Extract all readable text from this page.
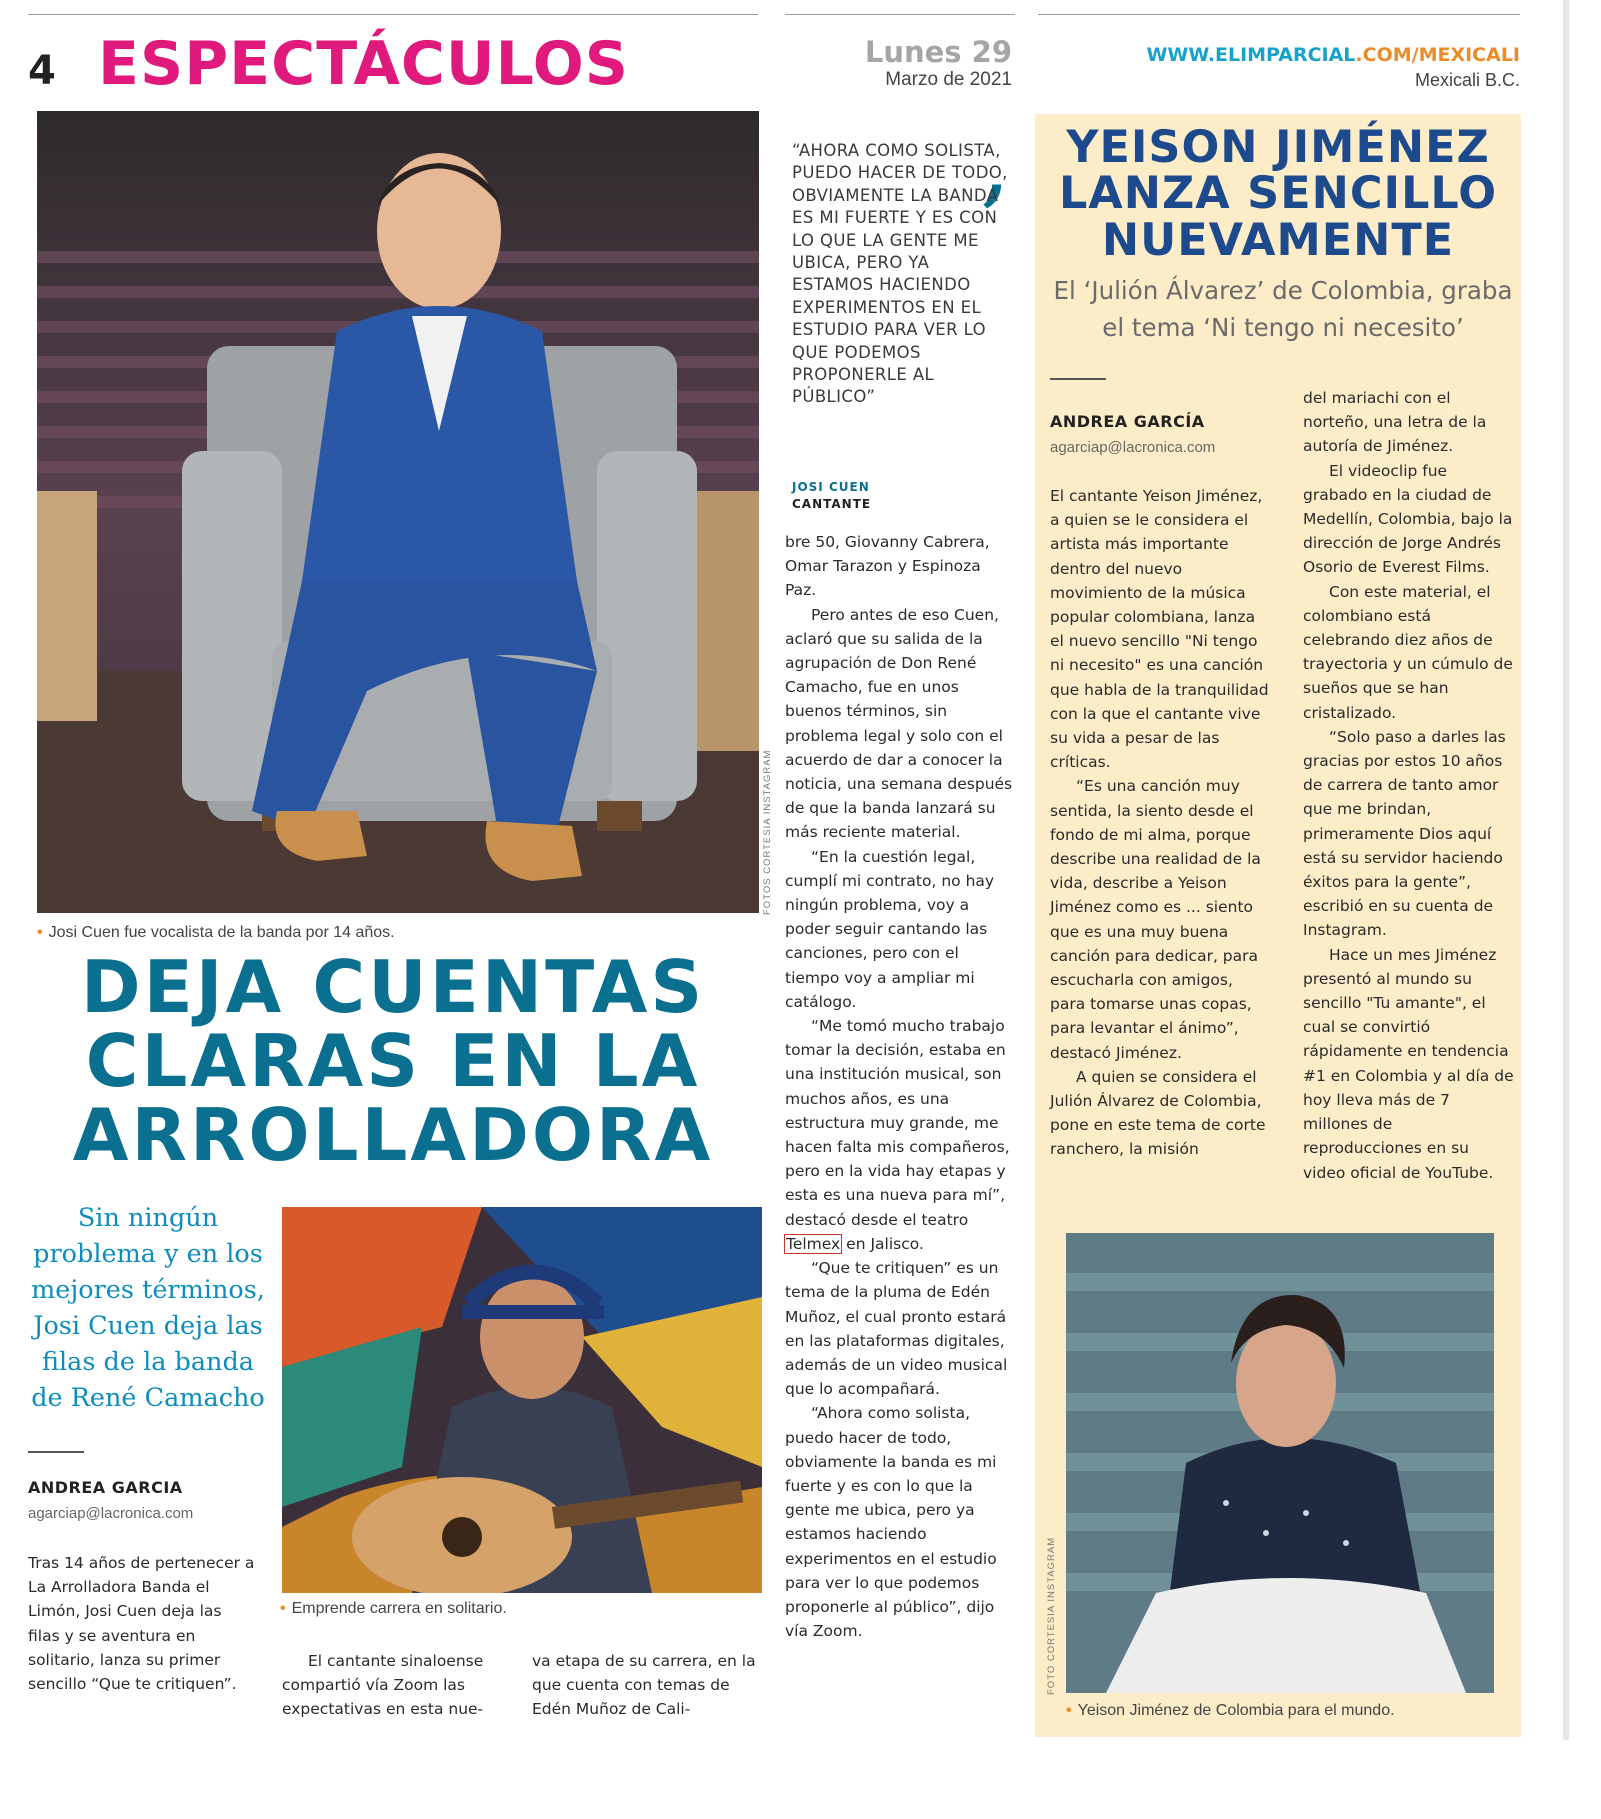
4 ESPECTÁCULOS	Lunes 29
Marzo de 2021
WWW.ELIMPARCIAL.COM/MEXICALI
Mexicali B.C.
FOTOS CORTESIA INSTAGRAM
• Josi Cuen fue vocalista de la banda por 14 años.
DEJA CUENTAS CLARAS EN LA ARROLLADORA
Sin ningún problema y en los mejores términos, Josi Cuen deja las filas de la banda de René Camacho
ANDREA GARCIA
agarciap@lacronica.com
• Emprende carrera en solitario.

Tras 14 años de pertenecer a La Arrolladora Banda el Limón, Josi Cuen deja las filas y se aventura en solitario, lanza su primer sencillo “Que te critiquen”.

El cantante sinaloense compartió vía Zoom las expectativas en esta nue-

va etapa de su carrera, en la que cuenta con temas de Edén Muñoz de Cali-

,
“AHORA COMO SOLISTA, PUEDO HACER DE TODO, OBVIAMENTE LA BANDA ES MI FUERTE Y ES CON LO QUE LA GENTE ME UBICA, PERO YA ESTAMOS HACIENDO EXPERIMENTOS EN EL ESTUDIO PARA VER LO QUE PODEMOS PROPONERLE AL PÚBLICO”
JOSI CUEN
CANTANTE

bre 50, Giovanny Cabrera, Omar Tarazon y Espinoza Paz.

Pero antes de eso Cuen, aclaró que su salida de la agrupación de Don René Camacho, fue en unos buenos términos, sin problema legal y solo con el acuerdo de dar a conocer la noticia, una semana después de que la banda lanzará su más reciente material.

“En la cuestión legal, cumplí mi contrato, no hay ningún problema, voy a poder seguir cantando las canciones, pero con el tiempo voy a ampliar mi catálogo.

“Me tomó mucho trabajo tomar la decisión, estaba en una institución musical, son muchos años, es una estructura muy grande, me hacen falta mis compañeros, pero en la vida hay etapas y esta es una nueva para mí”, destacó desde el teatro Telmex en Jalisco.

“Que te critiquen” es un tema de la pluma de Edén Muñoz, el cual pronto estará en las plataformas digitales, además de un video musical que lo acompañará.

“Ahora como solista, puedo hacer de todo, obviamente la banda es mi fuerte y es con lo que la gente me ubica, pero ya estamos haciendo experimentos en el estudio para ver lo que podemos proponerle al público”, dijo vía Zoom.

YEISON JIMÉNEZ LANZA SENCILLO NUEVAMENTE
El ‘Julión Álvarez’ de Colombia, graba el tema ‘Ni tengo ni necesito’
ANDREA GARCÍA
agarciap@lacronica.com

El cantante Yeison Jiménez, a quien se le considera el artista más importante dentro del nuevo movimiento de la música popular colombiana, lanza el nuevo sencillo "Ni tengo ni necesito" es una canción que habla de la tranquilidad con la que el cantante vive su vida a pesar de las críticas.

“Es una canción muy sentida, la siento desde el fondo de mi alma, porque describe una realidad de la vida, describe a Yeison Jiménez como es ... siento que es una muy buena canción para dedicar, para escucharla con amigos, para tomarse unas copas, para levantar el ánimo”, destacó Jiménez.

A quien se considera el Julión Álvarez de Colombia, pone en este tema de corte ranchero, la misión

del mariachi con el norteño, una letra de la autoría de Jiménez.

El videoclip fue grabado en la ciudad de Medellín, Colombia, bajo la dirección de Jorge Andrés Osorio de Everest Films.

Con este material, el colombiano está celebrando diez años de trayectoria y un cúmulo de sueños que se han cristalizado.

“Solo paso a darles las gracias por estos 10 años de carrera de tanto amor que me brindan, primeramente Dios aquí está su servidor haciendo éxitos para la gente”, escribió en su cuenta de Instagram.

Hace un mes Jiménez presentó al mundo su sencillo "Tu amante", el cual se convirtió rápidamente en tendencia #1 en Colombia y al día de hoy lleva más de 7 millones de reproducciones en su video oficial de YouTube.

FOTO CORTESIA INSTAGRAM
• Yeison Jiménez de Colombia para el mundo.
